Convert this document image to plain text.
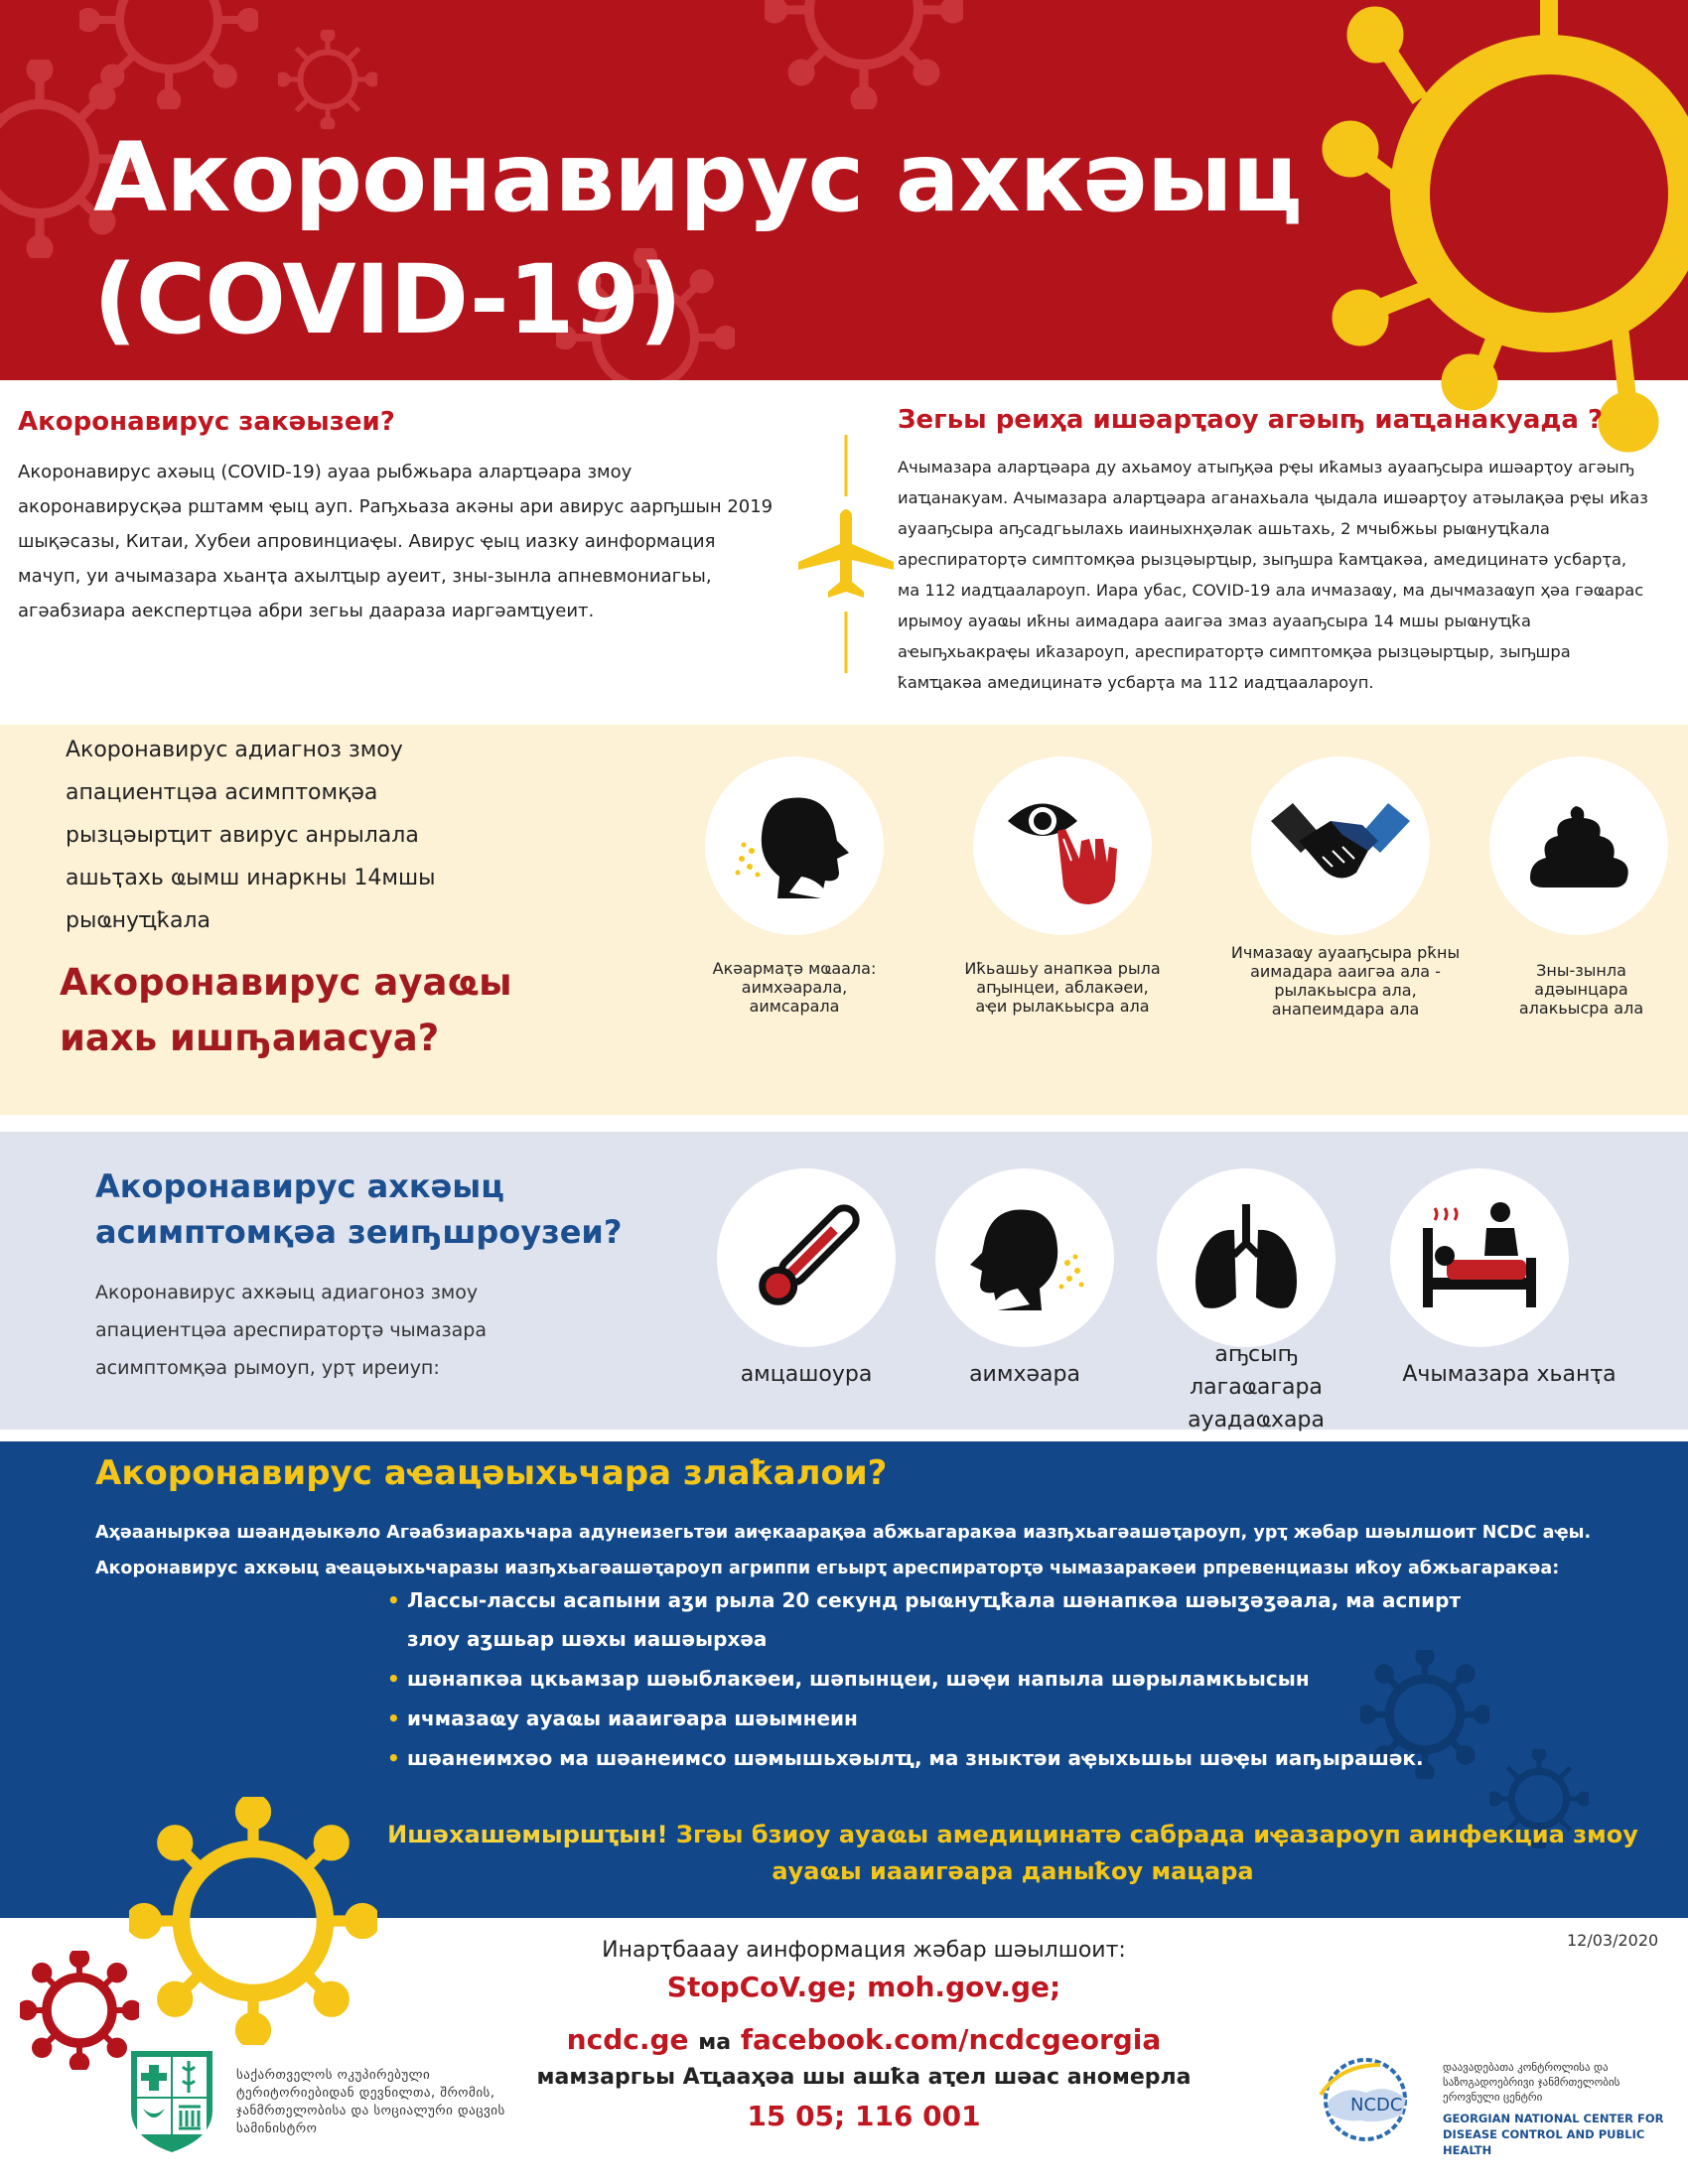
Акоронавирус ахкәыц
(COVID-19)
Акоронавирус закәызеи?
Акоронавирус ахәыц (COVID-19) ауаа рыбжьара аларҵәара змоу акоронавирусқәа рштамм ҿыц ауп. Раҧхьаза акәны ари авирус аарҧшын 2019 шықәсазы, Китаи, Хубеи апровинциаҿы. Авирус ҿыц иазку аинформация мачуп, уи ачымазара хьанҭа ахылҵыр ауеит, зны-зынла апневмониагьы, агәабзиара аекспертцәа абри зегьы даараза иаргәамҵуеит.
Зегьы реиҳа ишәарҭаоу агәыҧ иаҵанакуада ?
Ачымазара аларҵәара ду ахьамоу атыҧқәа рҿы иҟамыз ауааҧсыра ишәарҭоу агәыҧ иаҵанакуам. Ачымазара аларҵәара аганахьала ҷыдала ишәарҭоу атәылақәа рҿы иҟаз ауааҧсыра аҧсадгьылахь иаиныхнҳәлак ашьтахь, 2 мчыбжьы рыҩнуҵҟала ареспираторҭә симптомқәа рызцәырҵыр, зыҧшра ҟамҵакәа, амедицинатә усбарҭа, ма 112 иадҵаалароуп. Иара убас, COVID-19 ала ичмазаҩу, ма дычмазаҩуп ҳәа гәҩарас ирымоу ауаҩы иҟны аимадара ааигәа змаз ауааҧсыра 14 мшы рыҩнуҵҟа аҽыҧхьакраҿы иҟазароуп, ареспираторҭә симптомқәа рызцәырҵыр, зыҧшра ҟамҵакәа амедицинатә усбарҭа ма 112 иадҵаалароуп.
Акоронавирус адиагноз змоу апациентцәа асимптомқәа рызцәырҵит авирус анрылала ашьҭахь ҩымш инаркны 14мшы рыҩнуҵҟала
Акоронавирус ауаҩы
иахь ишҧаиасуа?
Акәармаҭә мҩаала: аимхәарала, аимсарала
Иҟьашьу анапкәа рыла аҧынцеи, аблакәеи, аҿи рылакьысра ала
Ичмазаҩу ауааҧсыра рҟны аимадара ааигәа ала - рылакьысра ала, анапеимдара ала
Зны-зынла адәынцара алакьысра ала
Акоронавирус ахкәыц
асимптомқәа зеиҧшроузеи?
Акоронавирус ахкәыц адиагоноз змоу апациентцәа ареспираторҭә чымазара асимптомқәа рымоуп, урҭ иреиуп:	амцашоура	аимхәара
аҧсыҧ лагаҩагара ауадаҩхара
Ачымазара хьанҭа
Акоронавирус аҽацәыхьчара злаҟалои?
Аҳәааныркәа шәандәыкәло Агәабзиарахьчара адунеизегьтәи аиҿкаарақәа абжьагаракәа иазҧхьагәашәҭароуп, урҭ жәбар шәылшоит NCDC аҿы.
Акоронавирус ахкәыц аҽацәыхьчаразы иазҧхьагәашәҭароуп агриппи егьырҭ ареспираторҭә чымазаракәеи рпревенциазы иҟоу абжьагаракәа:
• Лассы-лассы асапыни аӡи рыла 20 секунд рыҩнуҵҟала шәнапкәа шәыӡәӡәала, ма аспирт злоу аӡшьар шәхы иашәырхәа
• шәнапкәа цкьамзар шәыблакәеи, шәпынцеи, шәҿи напыла шәрыламкьысын
• ичмазаҩу ауаҩы иааигәара шәымнеин
• шәанеимхәо ма шәанеимсо шәмышьхәылҵ, ма зныктәи аҿыхьшьы шәҿы иаҧырашәк.
Ишәхашәмыршҭын! Згәы бзиоу ауаҩы амедицинатә сабрада иҿазароуп аинфекциа змоу ауаҩы иааигәара даныҟоу мацара
12/03/2020
Инарҭбааау аинформация жәбар шәылшоит:
StopCoV.ge; moh.gov.ge;
ncdc.ge ма facebook.com/ncdcgeorgia
мамзаргьы Аҵааҳәа шы ашҟа аҭел шәас аномерла
15 05; 116 001
საქართველოს ოკუპირებული ტერიტორიებიდან დევნილთა, შრომის, ჯანმრთელობისა და სოციალური დაცვის სამინისტრო
NCDC
დაავადებათა კონტროლისა და საზოგადოებრივი ჯანმრთელობის ეროვნული ცენტრი
GEORGIAN NATIONAL CENTER FOR DISEASE CONTROL AND PUBLIC HEALTH
